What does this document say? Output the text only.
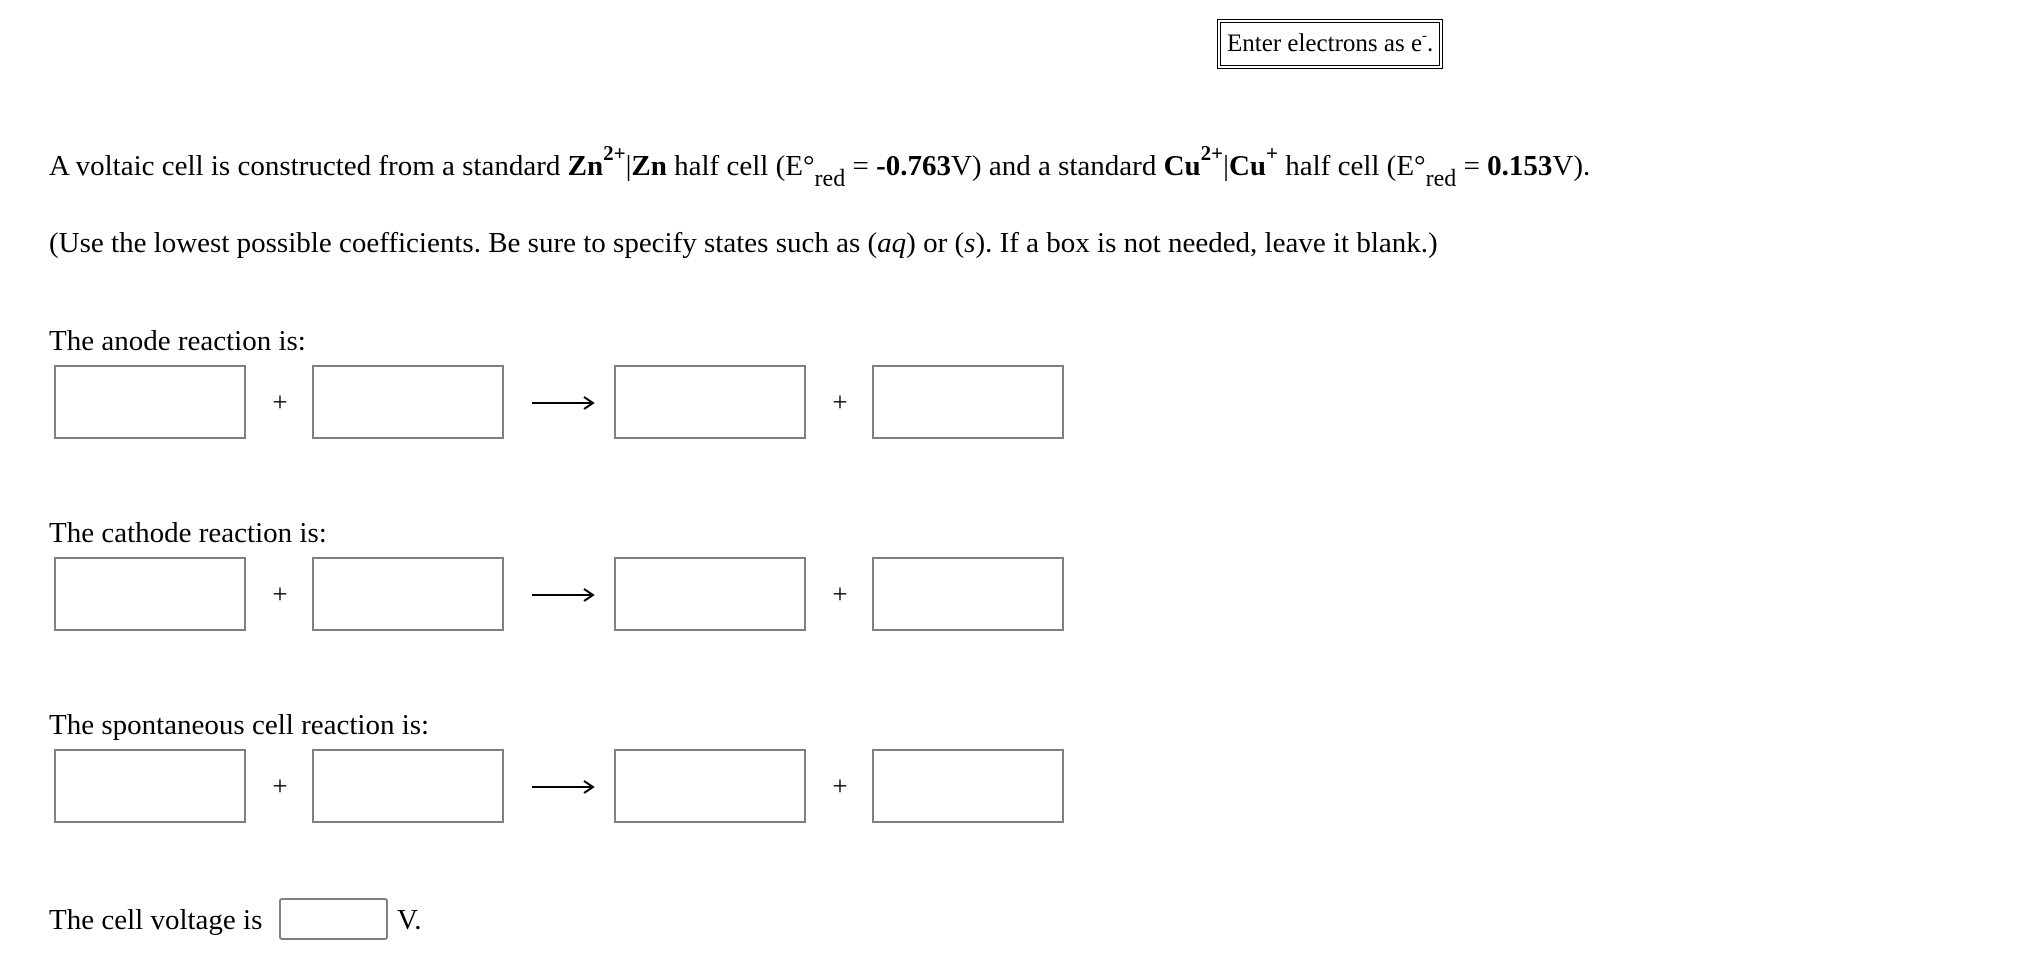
Enter electrons as e-.
A voltaic cell is constructed from a standard $Zn^{2+}|Zn$ half cell $(E^\circ_{red} = -0.763V)$ and a standard $Cu^{2+}|Cu^+$ half cell $(E^\circ_{red} = 0.153V)$.
(Use the lowest possible coefficients. Be sure to specify states such as (aq) or (s). If a box is not needed, leave it blank.)
The anode reaction is:
+	+
The cathode reaction is:
+	+
The spontaneous cell reaction is:
+	+
The cell voltage is	V.
